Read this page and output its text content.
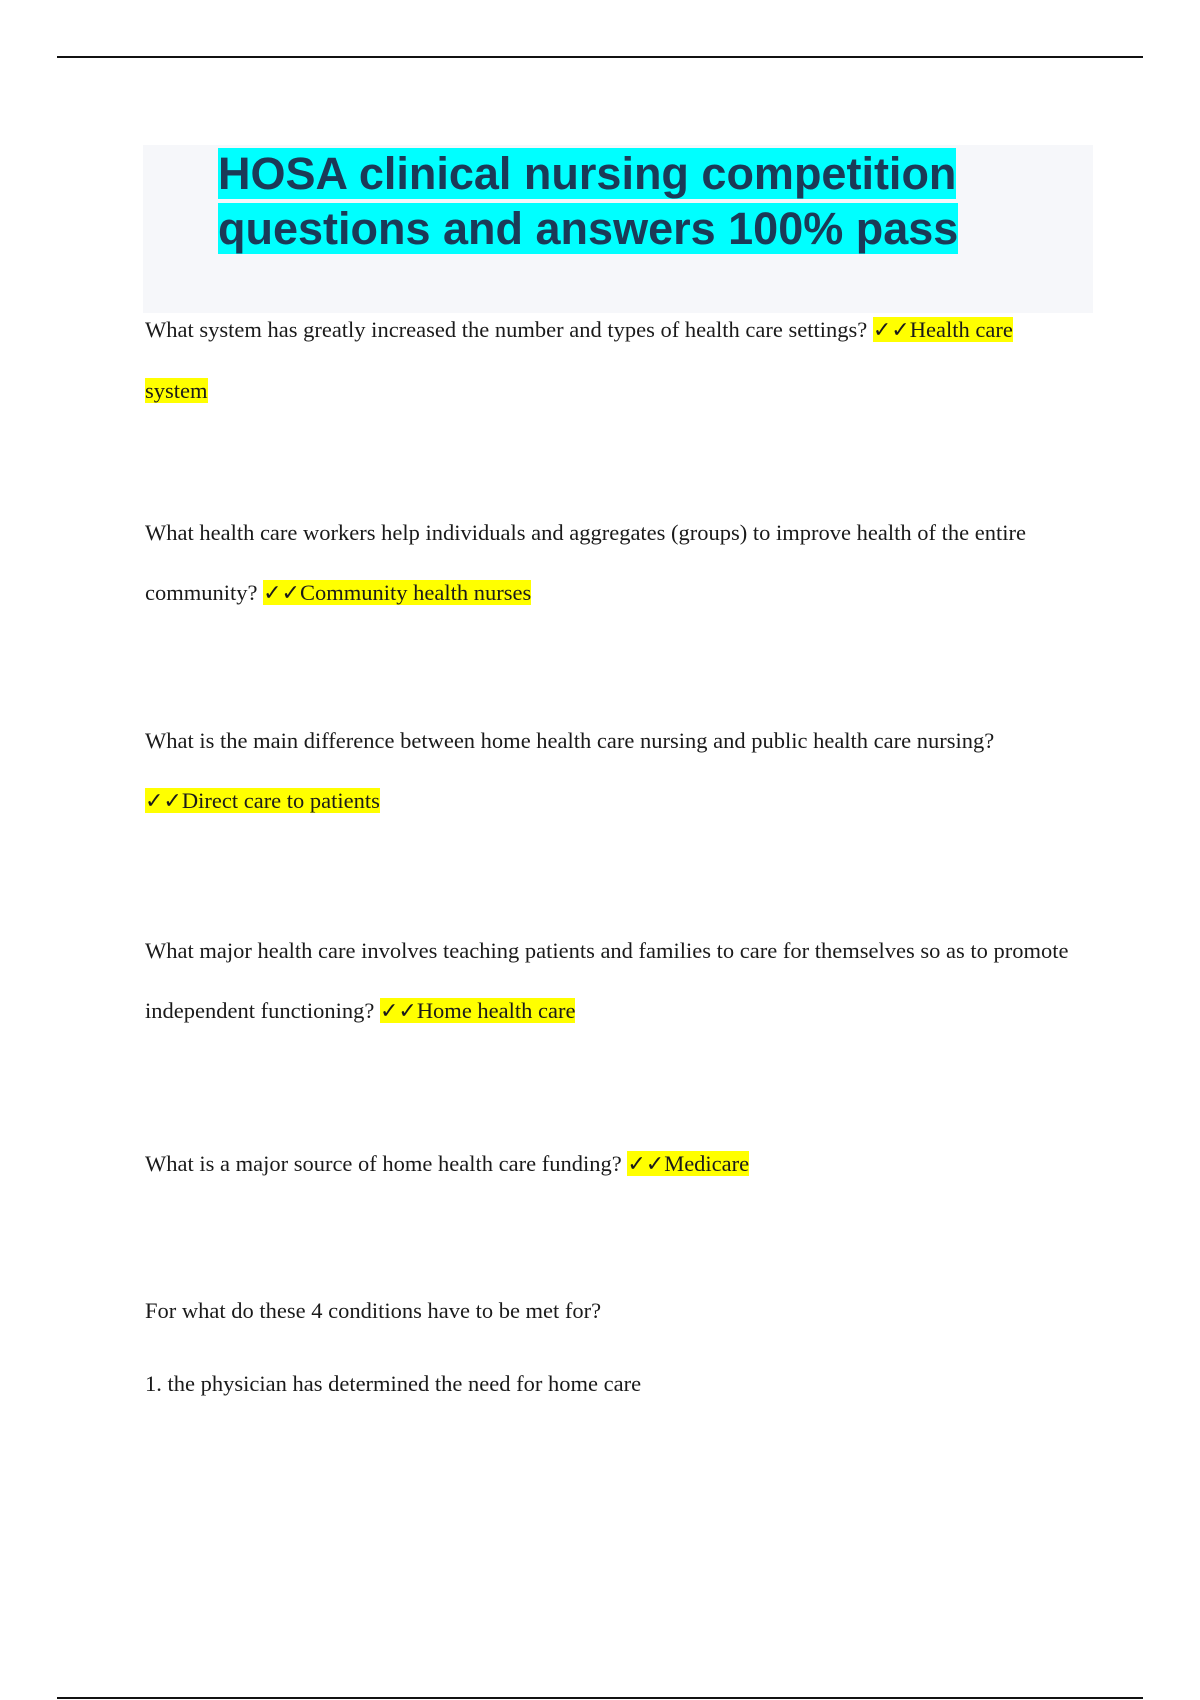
HOSA clinical nursing competition questions and answers 100% pass

What system has greatly increased the number and types of health care settings? ✓✓Health care system

What health care workers help individuals and aggregates (groups) to improve health of the entire community? ✓✓Community health nurses

What is the main difference between home health care nursing and public health care nursing? ✓✓Direct care to patients

What major health care involves teaching patients and families to care for themselves so as to promote independent functioning? ✓✓Home health care

What is a major source of home health care funding? ✓✓Medicare

For what do these 4 conditions have to be met for?

1. the physician has determined the need for home care
